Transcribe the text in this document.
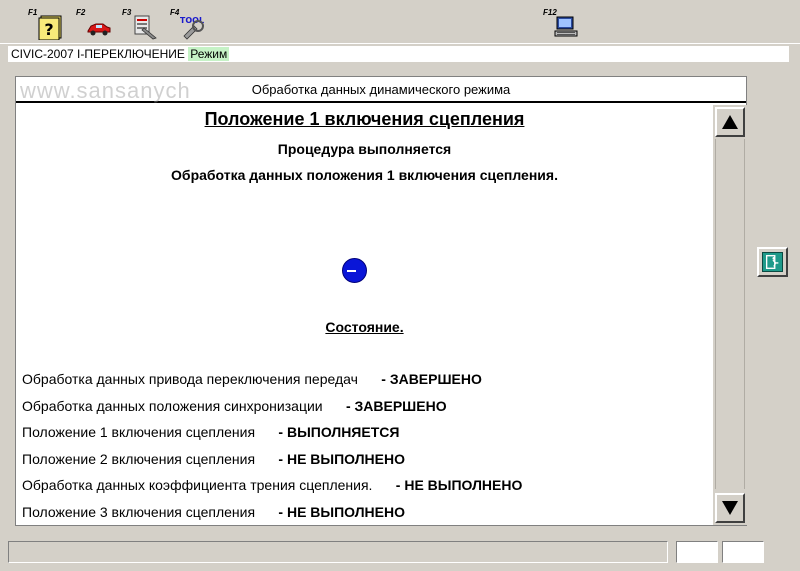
F1
?
F2	F3	F4
TOOL
F12
CIVIC-2007 I-ПЕРЕКЛЮЧЕНИЕ Режим
Обработка данных динамического режима
Положение 1 включения сцепления
Процедура выполняется
Обработка данных положения 1 включения сцепления.
Состояние.
Обработка данных привода переключения передач - ЗАВЕРШЕНО
Обработка данных положения синхронизации - ЗАВЕРШЕНО
Положение 1 включения сцепления - ВЫПОЛНЯЕТСЯ
Положение 2 включения сцепления - НЕ ВЫПОЛНЕНО
Обработка данных коэффициента трения сцепления. - НЕ ВЫПОЛНЕНО
Положение 3 включения сцепления - НЕ ВЫПОЛНЕНО
www.sansanych
